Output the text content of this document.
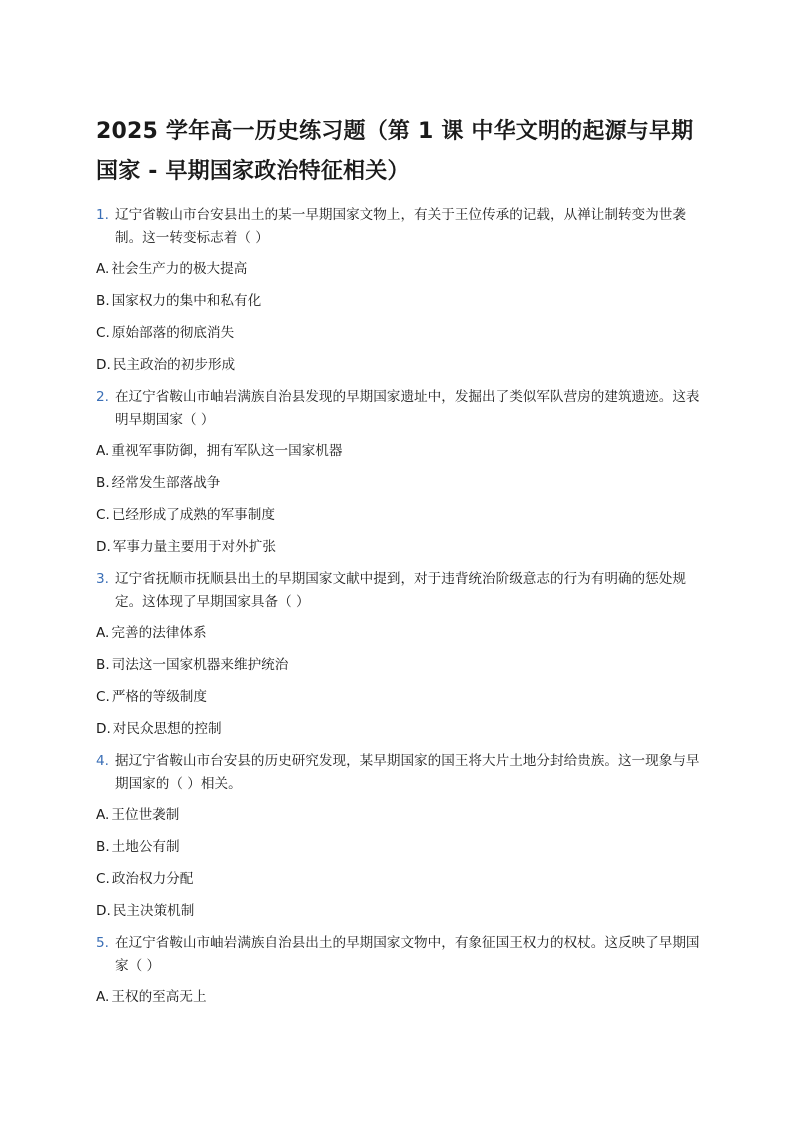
2025 学年高一历史练习题（第 1 课 中华文明的起源与早期国家 - 早期国家政治特征相关）
1. 辽宁省鞍山市台安县出土的某一早期国家文物上，有关于王位传承的记载，从禅让制转变为世袭制。这一转变标志着（ ）
A. 社会生产力的极大提高
B. 国家权力的集中和私有化
C. 原始部落的彻底消失
D. 民主政治的初步形成
2. 在辽宁省鞍山市岫岩满族自治县发现的早期国家遗址中，发掘出了类似军队营房的建筑遗迹。这表明早期国家（ ）
A. 重视军事防御，拥有军队这一国家机器
B. 经常发生部落战争
C. 已经形成了成熟的军事制度
D. 军事力量主要用于对外扩张
3. 辽宁省抚顺市抚顺县出土的早期国家文献中提到，对于违背统治阶级意志的行为有明确的惩处规定。这体现了早期国家具备（ ）
A. 完善的法律体系
B. 司法这一国家机器来维护统治
C. 严格的等级制度
D. 对民众思想的控制
4. 据辽宁省鞍山市台安县的历史研究发现，某早期国家的国王将大片土地分封给贵族。这一现象与早期国家的（ ）相关。
A. 王位世袭制
B. 土地公有制
C. 政治权力分配
D. 民主决策机制
5. 在辽宁省鞍山市岫岩满族自治县出土的早期国家文物中，有象征国王权力的权杖。这反映了早期国家（ ）
A. 王权的至高无上
